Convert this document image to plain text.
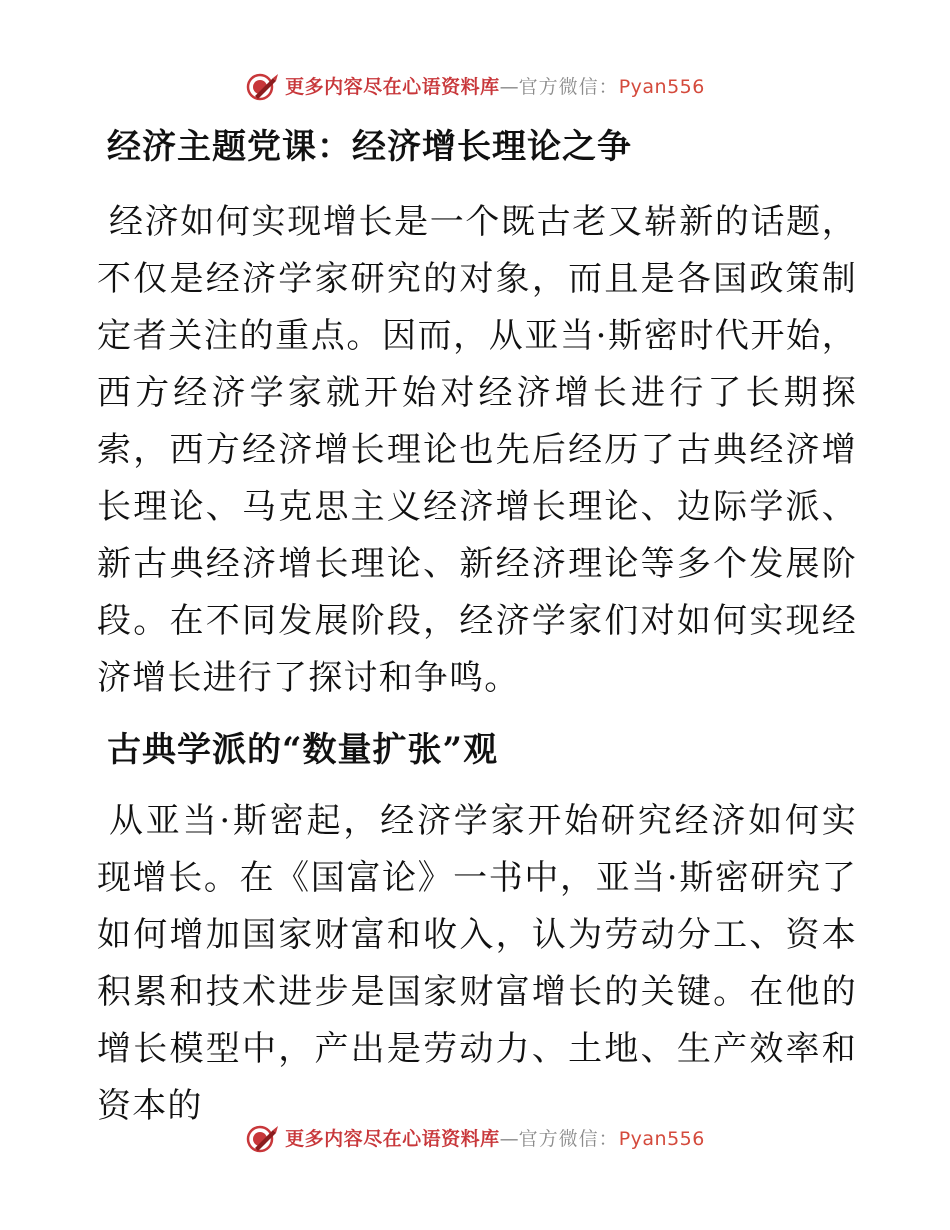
更多内容尽在心语资料库 — 官方微信： Pyan556
经济主题党课：经济增长理论之争

经济如何实现增长是一个既古老又崭新的话题，不仅是经济学家研究的对象，而且是各国政策制定者关注的重点。因而，从亚当·斯密时代开始，西方经济学家就开始对经济增长进行了长期探索，西方经济增长理论也先后经历了古典经济增长理论、马克思主义经济增长理论、边际学派、新古典经济增长理论、新经济理论等多个发展阶段。在不同发展阶段，经济学家们对如何实现经济增长进行了探讨和争鸣。

古典学派的“数量扩张”观

从亚当·斯密起，经济学家开始研究经济如何实现增长。在《国富论》一书中，亚当·斯密研究了如何增加国家财富和收入，认为劳动分工、资本积累和技术进步是国家财富增长的关键。在他的增长模型中，产出是劳动力、土地、生产效率和资本的

更多内容尽在心语资料库 — 官方微信： Pyan556
